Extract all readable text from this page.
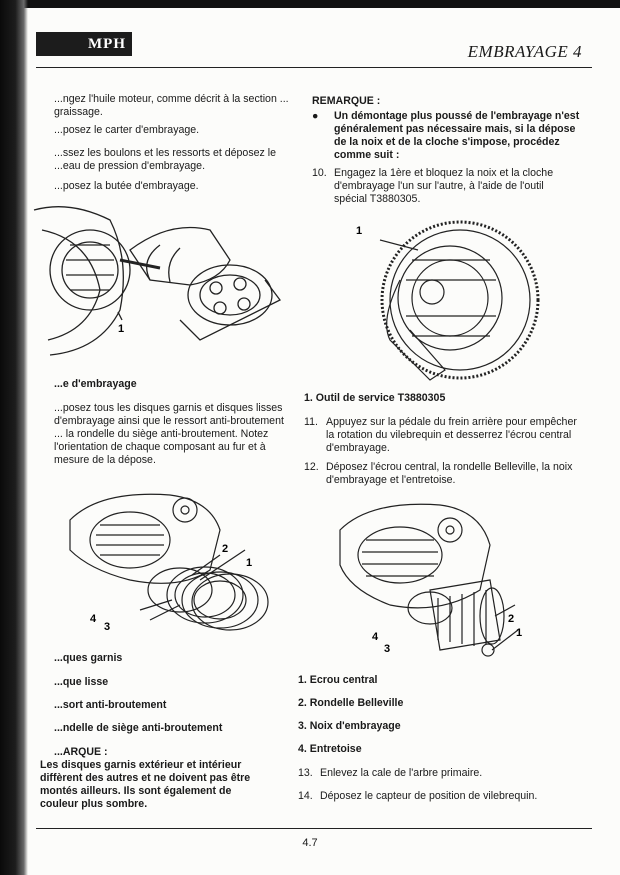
MPH	EMBRAYAGE 4

...ngez l'huile moteur, comme décrit à la section ... graissage.

...posez le carter d'embrayage.

...ssez les boulons et les ressorts et déposez le ...eau de pression d'embrayage.

...posez la butée d'embrayage.

1
...e d'embrayage

...posez tous les disques garnis et disques lisses d'embrayage ainsi que le ressort anti-broutement ... la rondelle du siège anti-broutement. Notez l'orientation de chaque composant au fur et à mesure de la dépose.

2
1
4
3
...ques garnis
...que lisse
...sort anti-broutement
...ndelle de siège anti-broutement
...ARQUE :

Les disques garnis extérieur et intérieur diffèrent des autres et ne doivent pas être montés ailleurs. Ils sont également de couleur plus sombre.

REMARQUE :
● Un démontage plus poussé de l'embrayage n'est généralement pas nécessaire mais, si la dépose de la noix et de la cloche s'impose, procédez comme suit :

10. Engagez la 1ère et bloquez la noix et la cloche d'embrayage l'un sur l'autre, à l'aide de l'outil spécial T3880305.
1
1. Outil de service T3880305
11. Appuyez sur la pédale du frein arrière pour empêcher la rotation du vilebrequin et desserrez l'écrou central d'embrayage.
12. Déposez l'écrou central, la rondelle Belleville, la noix d'embrayage et l'entretoise.
2
1
4
3
1. Ecrou central
2. Rondelle Belleville
3. Noix d'embrayage
4. Entretoise
13. Enlevez la cale de l'arbre primaire.
14. Déposez le capteur de position de vilebrequin.
4.7
